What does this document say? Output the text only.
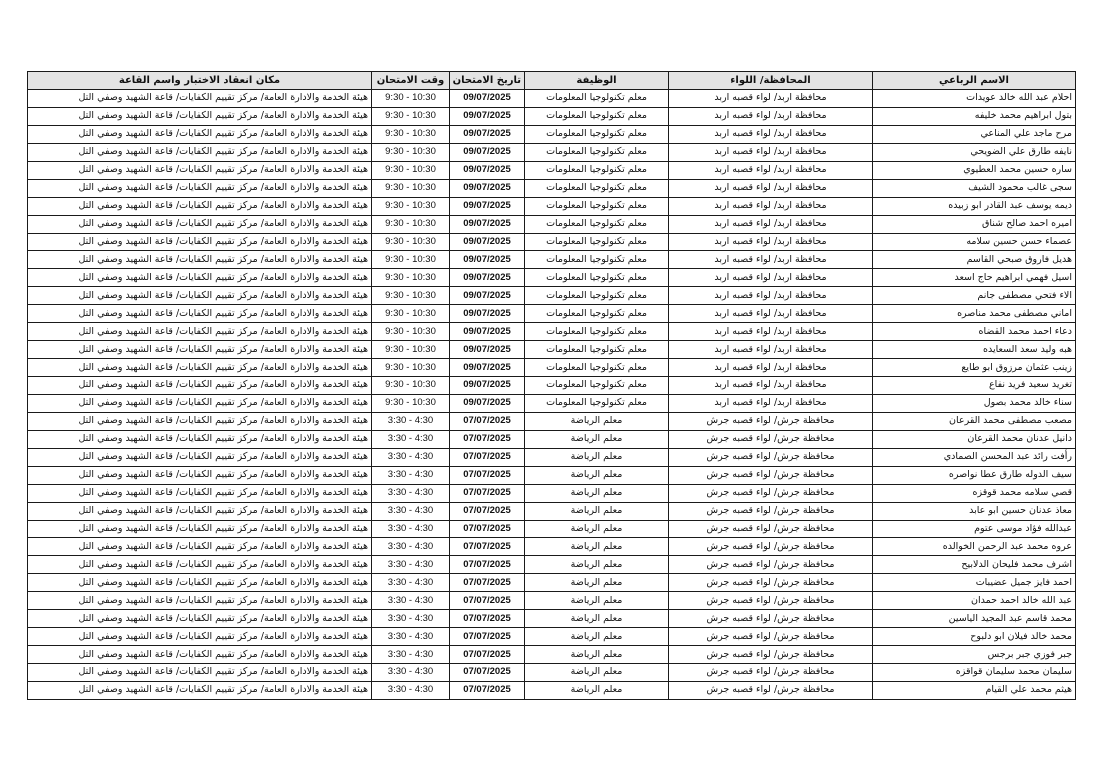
الاسم الرباعي	المحافظة/ اللواء	الوظيفة	تاريخ الامتحان	وقت الامتحان	مكان انعقاد الاختبار واسم القاعة
احلام عبد الله خالد عويدات	محافظة اربد/ لواء قصبه اربد	معلم تكنولوجيا المعلومات	09/07/2025	9:30 - 10:30	هيئة الخدمة والادارة العامة/ مركز تقييم الكفايات/ قاعة الشهيد وصفي التل
بتول ابراهيم محمد خليفه	محافظة اربد/ لواء قصبه اربد	معلم تكنولوجيا المعلومات	09/07/2025	9:30 - 10:30	هيئة الخدمة والادارة العامة/ مركز تقييم الكفايات/ قاعة الشهيد وصفي التل
مرح ماجد علي المناعي	محافظة اربد/ لواء قصبه اربد	معلم تكنولوجيا المعلومات	09/07/2025	9:30 - 10:30	هيئة الخدمة والادارة العامة/ مركز تقييم الكفايات/ قاعة الشهيد وصفي التل
نايفه طارق علي الضويحي	محافظة اربد/ لواء قصبه اربد	معلم تكنولوجيا المعلومات	09/07/2025	9:30 - 10:30	هيئة الخدمة والادارة العامة/ مركز تقييم الكفايات/ قاعة الشهيد وصفي التل
ساره حسين محمد العطيوي	محافظة اربد/ لواء قصبه اربد	معلم تكنولوجيا المعلومات	09/07/2025	9:30 - 10:30	هيئة الخدمة والادارة العامة/ مركز تقييم الكفايات/ قاعة الشهيد وصفي التل
سجى غالب محمود الشيف	محافظة اربد/ لواء قصبه اربد	معلم تكنولوجيا المعلومات	09/07/2025	9:30 - 10:30	هيئة الخدمة والادارة العامة/ مركز تقييم الكفايات/ قاعة الشهيد وصفي التل
ديمه يوسف عبد القادر ابو زبيده	محافظة اربد/ لواء قصبه اربد	معلم تكنولوجيا المعلومات	09/07/2025	9:30 - 10:30	هيئة الخدمة والادارة العامة/ مركز تقييم الكفايات/ قاعة الشهيد وصفي التل
اميره احمد صالح شناق	محافظة اربد/ لواء قصبه اربد	معلم تكنولوجيا المعلومات	09/07/2025	9:30 - 10:30	هيئة الخدمة والادارة العامة/ مركز تقييم الكفايات/ قاعة الشهيد وصفي التل
عصماء حسن حسين سلامه	محافظة اربد/ لواء قصبه اربد	معلم تكنولوجيا المعلومات	09/07/2025	9:30 - 10:30	هيئة الخدمة والادارة العامة/ مركز تقييم الكفايات/ قاعة الشهيد وصفي التل
هديل فاروق صبحي القاسم	محافظة اربد/ لواء قصبه اربد	معلم تكنولوجيا المعلومات	09/07/2025	9:30 - 10:30	هيئة الخدمة والادارة العامة/ مركز تقييم الكفايات/ قاعة الشهيد وصفي التل
اسيل فهمي ابراهيم حاج اسعد	محافظة اربد/ لواء قصبه اربد	معلم تكنولوجيا المعلومات	09/07/2025	9:30 - 10:30	هيئة الخدمة والادارة العامة/ مركز تقييم الكفايات/ قاعة الشهيد وصفي التل
الاء فتحي مصطفى جانم	محافظة اربد/ لواء قصبه اربد	معلم تكنولوجيا المعلومات	09/07/2025	9:30 - 10:30	هيئة الخدمة والادارة العامة/ مركز تقييم الكفايات/ قاعة الشهيد وصفي التل
اماني مصطفى محمد مناصره	محافظة اربد/ لواء قصبه اربد	معلم تكنولوجيا المعلومات	09/07/2025	9:30 - 10:30	هيئة الخدمة والادارة العامة/ مركز تقييم الكفايات/ قاعة الشهيد وصفي التل
دعاء احمد محمد القضاه	محافظة اربد/ لواء قصبه اربد	معلم تكنولوجيا المعلومات	09/07/2025	9:30 - 10:30	هيئة الخدمة والادارة العامة/ مركز تقييم الكفايات/ قاعة الشهيد وصفي التل
هبه وليد سعد السعايده	محافظة اربد/ لواء قصبه اربد	معلم تكنولوجيا المعلومات	09/07/2025	9:30 - 10:30	هيئة الخدمة والادارة العامة/ مركز تقييم الكفايات/ قاعة الشهيد وصفي التل
زينب عثمان مرزوق ابو طايع	محافظة اربد/ لواء قصبه اربد	معلم تكنولوجيا المعلومات	09/07/2025	9:30 - 10:30	هيئة الخدمة والادارة العامة/ مركز تقييم الكفايات/ قاعة الشهيد وصفي التل
تغريد سعيد فريد نفاع	محافظة اربد/ لواء قصبه اربد	معلم تكنولوجيا المعلومات	09/07/2025	9:30 - 10:30	هيئة الخدمة والادارة العامة/ مركز تقييم الكفايات/ قاعة الشهيد وصفي التل
سناء خالد محمد بصول	محافظة اربد/ لواء قصبه اربد	معلم تكنولوجيا المعلومات	09/07/2025	9:30 - 10:30	هيئة الخدمة والادارة العامة/ مركز تقييم الكفايات/ قاعة الشهيد وصفي التل
مصعب مصطفى محمد القرعان	محافظة جرش/ لواء قصبه جرش	معلم الرياضة	07/07/2025	3:30 - 4:30	هيئة الخدمة والادارة العامة/ مركز تقييم الكفايات/ قاعة الشهيد وصفي التل
دانيل عدنان محمد القرعان	محافظة جرش/ لواء قصبه جرش	معلم الرياضة	07/07/2025	3:30 - 4:30	هيئة الخدمة والادارة العامة/ مركز تقييم الكفايات/ قاعة الشهيد وصفي التل
رأفت رائد عبد المحسن الصمادي	محافظة جرش/ لواء قصبه جرش	معلم الرياضة	07/07/2025	3:30 - 4:30	هيئة الخدمة والادارة العامة/ مركز تقييم الكفايات/ قاعة الشهيد وصفي التل
سيف الدوله طارق عطا نواصره	محافظة جرش/ لواء قصبه جرش	معلم الرياضة	07/07/2025	3:30 - 4:30	هيئة الخدمة والادارة العامة/ مركز تقييم الكفايات/ قاعة الشهيد وصفي التل
قصي سلامه محمد قوقزه	محافظة جرش/ لواء قصبه جرش	معلم الرياضة	07/07/2025	3:30 - 4:30	هيئة الخدمة والادارة العامة/ مركز تقييم الكفايات/ قاعة الشهيد وصفي التل
معاذ عدنان حسين ابو عابد	محافظة جرش/ لواء قصبه جرش	معلم الرياضة	07/07/2025	3:30 - 4:30	هيئة الخدمة والادارة العامة/ مركز تقييم الكفايات/ قاعة الشهيد وصفي التل
عبدالله فؤاد موسى عتوم	محافظة جرش/ لواء قصبه جرش	معلم الرياضة	07/07/2025	3:30 - 4:30	هيئة الخدمة والادارة العامة/ مركز تقييم الكفايات/ قاعة الشهيد وصفي التل
عروه محمد عبد الرحمن الخوالده	محافظة جرش/ لواء قصبه جرش	معلم الرياضة	07/07/2025	3:30 - 4:30	هيئة الخدمة والادارة العامة/ مركز تقييم الكفايات/ قاعة الشهيد وصفي التل
اشرف محمد فليحان الدلابيح	محافظة جرش/ لواء قصبه جرش	معلم الرياضة	07/07/2025	3:30 - 4:30	هيئة الخدمة والادارة العامة/ مركز تقييم الكفايات/ قاعة الشهيد وصفي التل
احمد فايز جميل عضيبات	محافظة جرش/ لواء قصبه جرش	معلم الرياضة	07/07/2025	3:30 - 4:30	هيئة الخدمة والادارة العامة/ مركز تقييم الكفايات/ قاعة الشهيد وصفي التل
عبد الله خالد احمد حمدان	محافظة جرش/ لواء قصبه جرش	معلم الرياضة	07/07/2025	3:30 - 4:30	هيئة الخدمة والادارة العامة/ مركز تقييم الكفايات/ قاعة الشهيد وصفي التل
محمد قاسم عبد المجيد الياسين	محافظة جرش/ لواء قصبه جرش	معلم الرياضة	07/07/2025	3:30 - 4:30	هيئة الخدمة والادارة العامة/ مركز تقييم الكفايات/ قاعة الشهيد وصفي التل
محمد خالد فيلان ابو دلبوح	محافظة جرش/ لواء قصبه جرش	معلم الرياضة	07/07/2025	3:30 - 4:30	هيئة الخدمة والادارة العامة/ مركز تقييم الكفايات/ قاعة الشهيد وصفي التل
جبر فوزي جبر برجس	محافظة جرش/ لواء قصبه جرش	معلم الرياضة	07/07/2025	3:30 - 4:30	هيئة الخدمة والادارة العامة/ مركز تقييم الكفايات/ قاعة الشهيد وصفي التل
سليمان محمد سليمان قواقزه	محافظة جرش/ لواء قصبه جرش	معلم الرياضة	07/07/2025	3:30 - 4:30	هيئة الخدمة والادارة العامة/ مركز تقييم الكفايات/ قاعة الشهيد وصفي التل
هيثم محمد علي القيام	محافظة جرش/ لواء قصبه جرش	معلم الرياضة	07/07/2025	3:30 - 4:30	هيئة الخدمة والادارة العامة/ مركز تقييم الكفايات/ قاعة الشهيد وصفي التل
